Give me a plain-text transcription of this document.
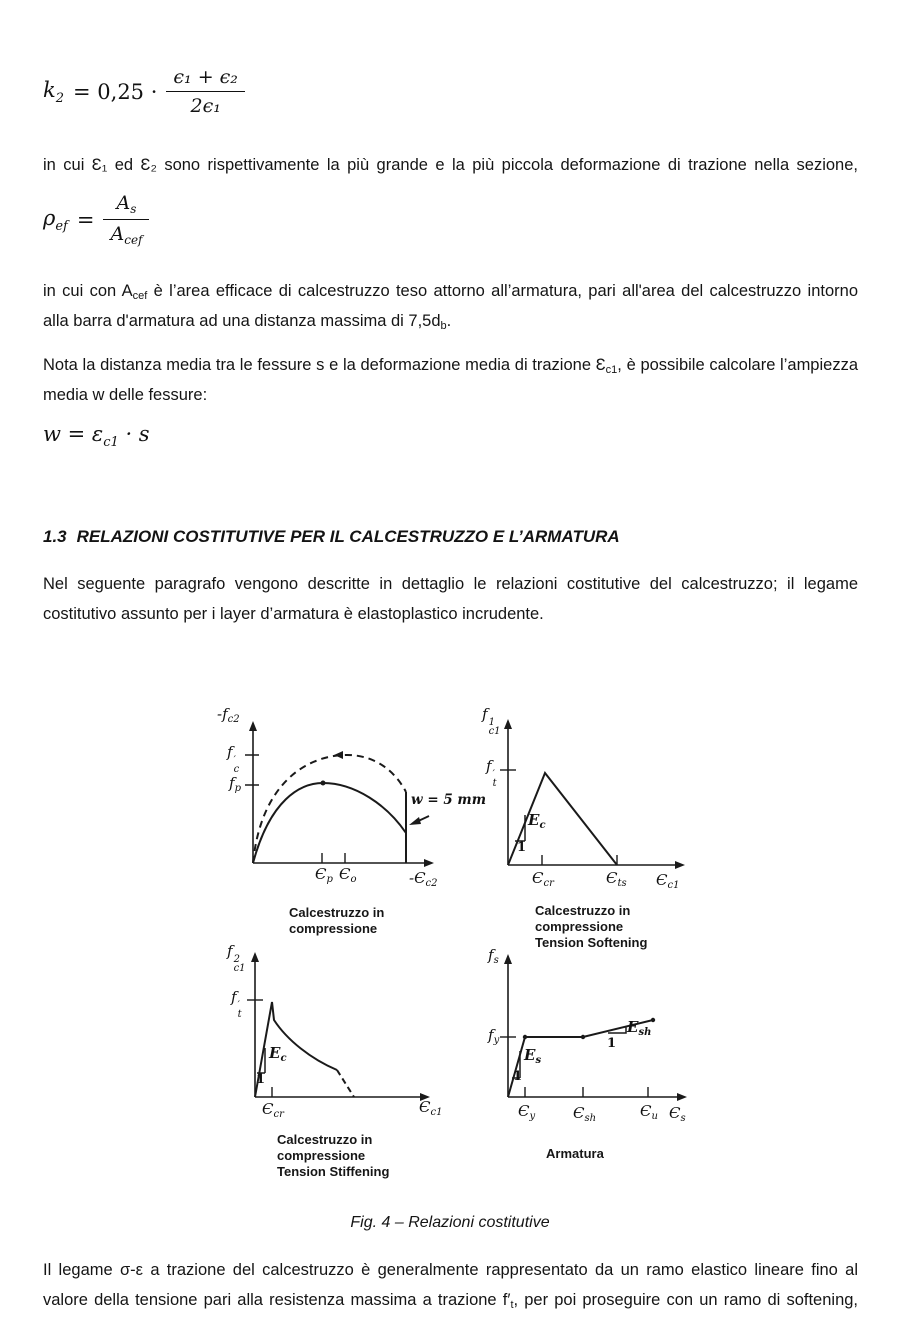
$k_2 = 0,25 \cdot \frac{\text{ϵ₁ + ϵ₂}}{\text{2ϵ₁}}$
in cui Ɛ₁ ed Ɛ₂ sono rispettivamente la più grande e la più piccola deformazione di trazione nella sezione,
$\rho_{ef} = \frac{A_s}{A_{cef}}$
in cui con $A_{cef}$ è l’area efficace di calcestruzzo teso attorno all’armatura, pari all'area del calcestruzzo intorno
alla barra d'armatura ad una distanza massima di $7,5d_b$.
Nota la distanza media tra le fessure s e la deformazione media di trazione $Ɛ_{c1}$, è possibile calcolare l’ampiezza
media w delle fessure:
$w = \varepsilon_{c1} \cdot s$
1.3 RELAZIONI COSTITUTIVE PER IL CALCESTRUZZO E L’ARMATURA
Nel seguente paragrafo vengono descritte in dettaglio le relazioni costitutive del calcestruzzo; il legame
costitutivo assunto per i layer d’armatura è elastoplastico incrudente.
$-f_{c2}$
f ′
c
$f_p$
$Є_p$ $Є_o$	$-Є_{c2}$
w = 5 mm
Calcestruzzo in
compressione
f 1
c1
f ′
t
$E_c$
1
$Є_{cr}$	$Є_{ts}$ $Є_{c1}$
Calcestruzzo in
compressione
Tension Softening
f 2
c1
f ′
t
$E_c$
1
$Є_{cr}$	$Є_{c1}$
Calcestruzzo in
compressione
Tension Stiffening
$f_s$
$f_y$
$E_s$
1
$E_{sh}$
1
$Є_y$	$Є_{sh}$	$Є_u$ $Є_s$
Armatura
Fig. 4 – Relazioni costitutive
Il legame σ-ε a trazione del calcestruzzo è generalmente rappresentato da un ramo elastico lineare fino al
valore della tensione pari alla resistenza massima a trazione $f'_t$, per poi proseguire con un ramo di softening,
